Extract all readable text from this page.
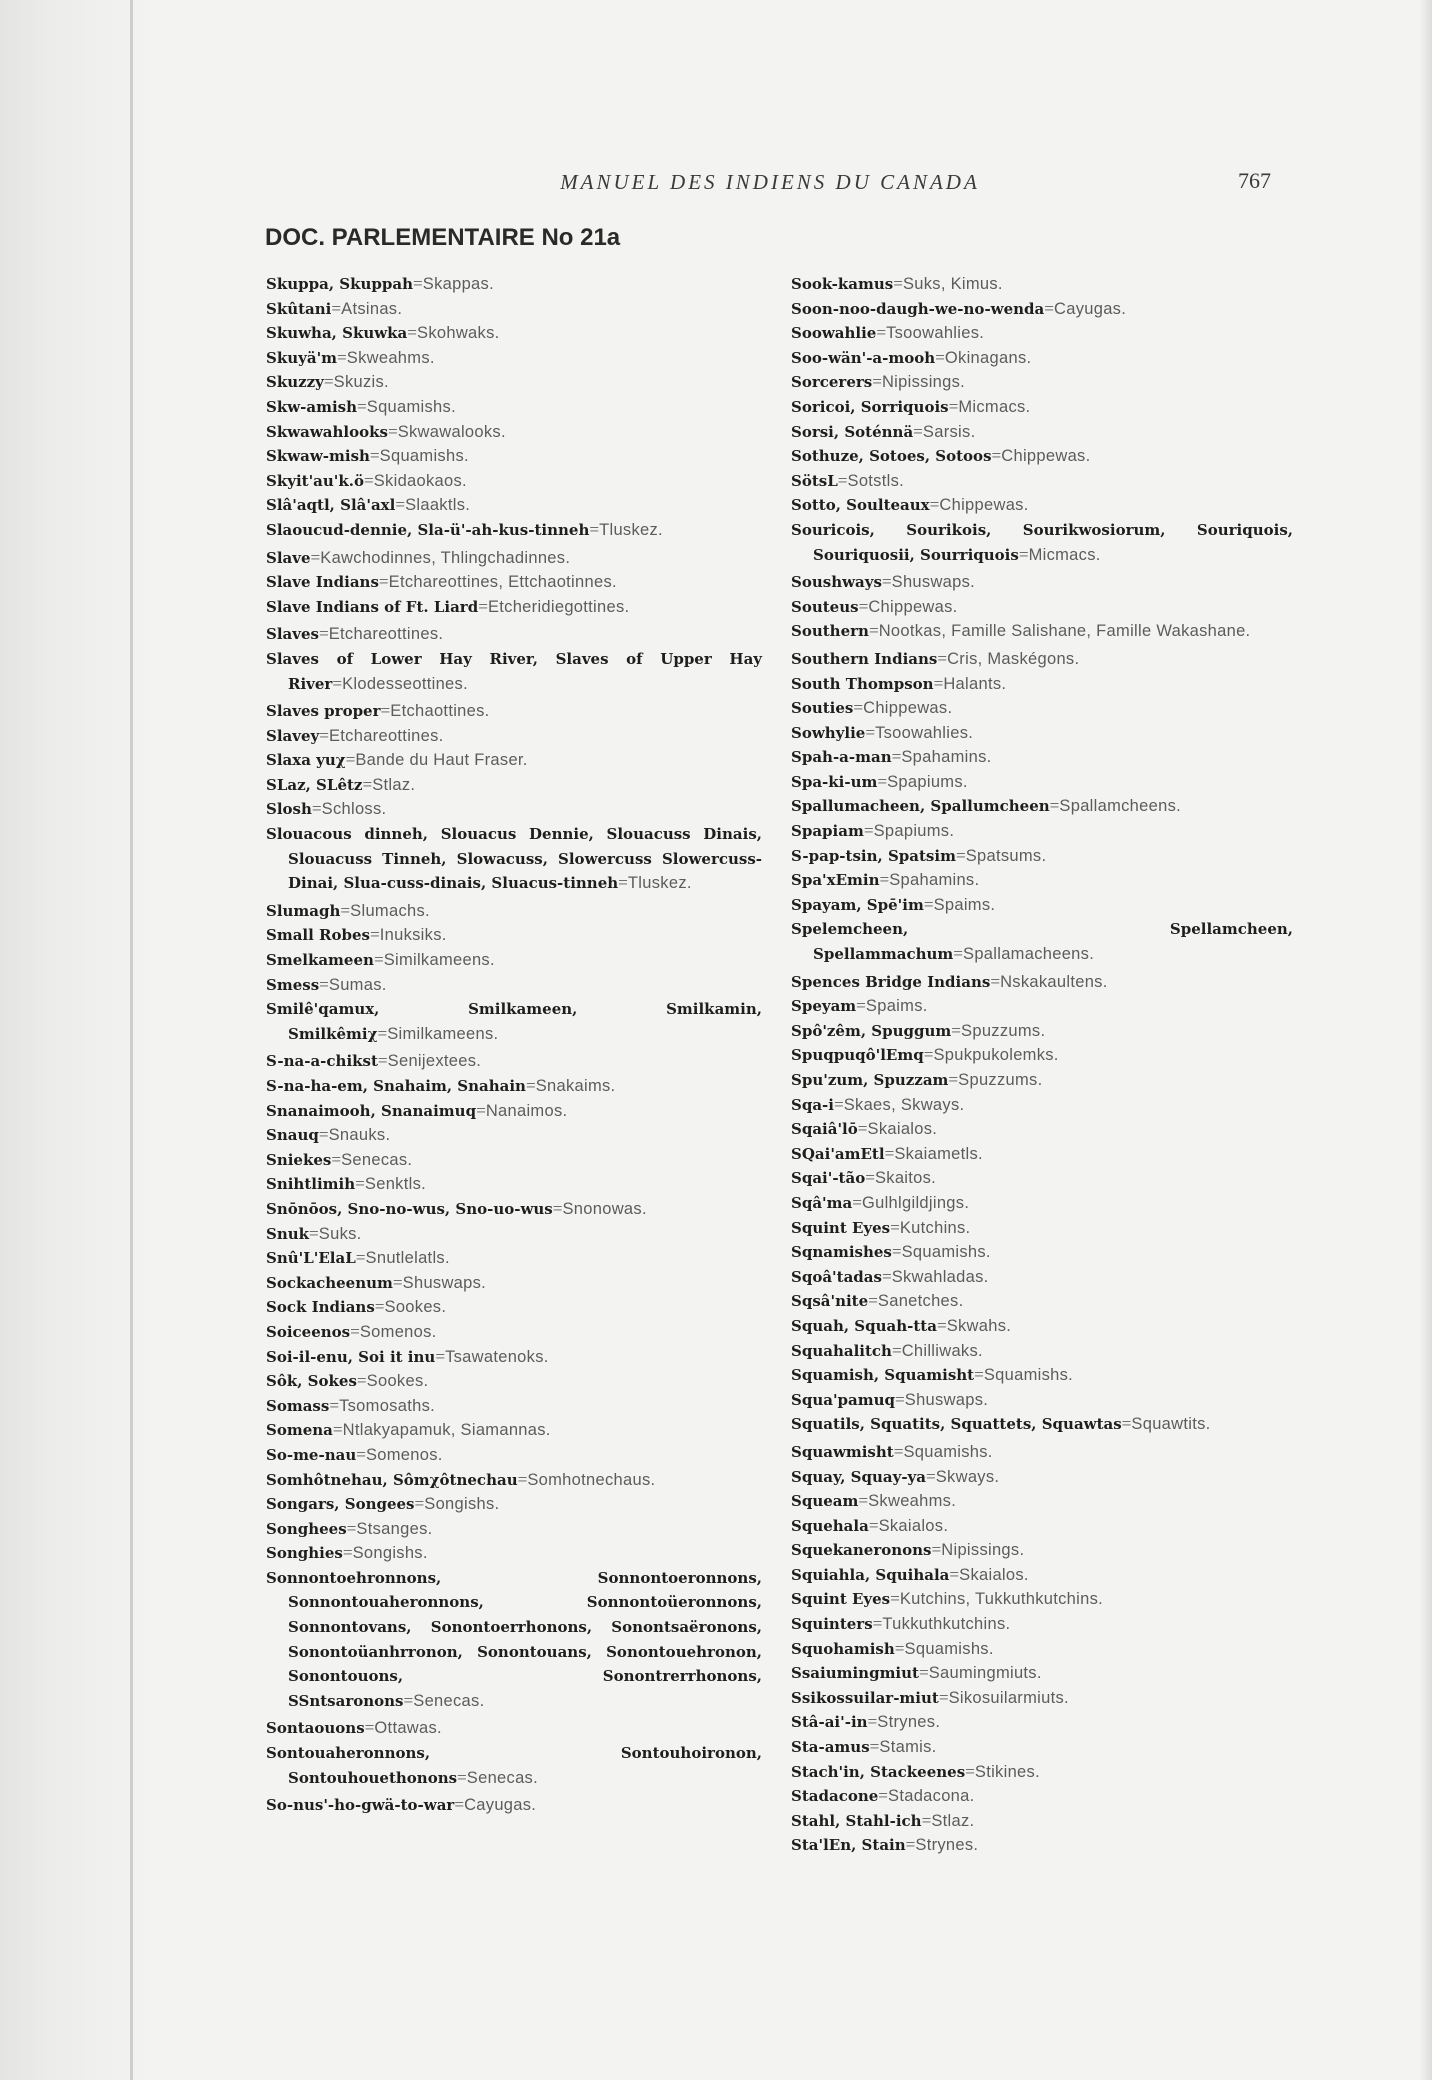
MANUEL DES INDIENS DU CANADA	767
DOC. PARLEMENTAIRE No 21a
Skuppa, Skuppah=Skappas.
Skûtani=Atsinas.
Skuwha, Skuwka=Skohwaks.
Skuyä'm=Skweahms.
Skuzzy=Skuzis.
Skw-amish=Squamishs.
Skwawahlooks=Skwawalooks.
Skwaw-mish=Squamishs.
Skyit'au'k.ö=Skidaokaos.
Slâ'aqtl, Slâ'axl=Slaaktls.
Slaoucud-dennie, Sla-ü'-ah-kus-tinneh=Tluskez.
Slave=Kawchodinnes, Thlingchadinnes.
Slave Indians=Etchareottines, Ettchaotinnes.
Slave Indians of Ft. Liard=Etcheridiegottines.
Slaves=Etchareottines.
Slaves of Lower Hay River, Slaves of Upper Hay River=Klodesseottines.
Slaves proper=Etchaottines.
Slavey=Etchareottines.
Slaxa yuχ=Bande du Haut Fraser.
SLaz, SLêtz=Stlaz.
Slosh=Schloss.
Slouacous dinneh, Slouacus Dennie, Slouacuss Dinais, Slouacuss Tinneh, Slowacuss, Slowercuss Slowercuss-Dinai, Slua-cuss-dinais, Sluacus-tinneh=Tluskez.
Slumagh=Slumachs.
Small Robes=Inuksiks.
Smelkameen=Similkameens.
Smess=Sumas.
Smilê'qamux, Smilkameen, Smilkamin, Smilkêmiχ=Similkameens.
S-na-a-chikst=Senijextees.
S-na-ha-em, Snahaim, Snahain=Snakaims.
Snanaimooh, Snanaimuq=Nanaimos.
Snauq=Snauks.
Sniekes=Senecas.
Snihtlimih=Senktls.
Snōnōos, Sno-no-wus, Sno-uo-wus=Snonowas.
Snuk=Suks.
Snû'L'ElaL=Snutlelatls.
Sockacheenum=Shuswaps.
Sock Indians=Sookes.
Soiceenos=Somenos.
Soi-il-enu, Soi it inu=Tsawatenoks.
Sôk, Sokes=Sookes.
Somass=Tsomosaths.
Somena=Ntlakyapamuk, Siamannas.
So-me-nau=Somenos.
Somhôtnehau, Sômχôtnechau=Somhotnechaus.
Songars, Songees=Songishs.
Songhees=Stsanges.
Songhies=Songishs.
Sonnontoehronnons, Sonnontoeronnons, Sonnontouaheronnons, Sonnontoüeronnons, Sonnontovans, Sonontoerrhonons, Sonontsaëronons, Sonontoüanhrronon, Sonontouans, Sonontouehronon, Sonontouons, Sonontrerrhonons, SSntsaronons=Senecas.
Sontaouons=Ottawas.
Sontouaheronnons, Sontouhoironon, Sontouhouethonons=Senecas.
So-nus'-ho-gwä-to-war=Cayugas.
Sook-kamus=Suks, Kimus.
Soon-noo-daugh-we-no-wenda=Cayugas.
Soowahlie=Tsoowahlies.
Soo-wän'-a-mooh=Okinagans.
Sorcerers=Nipissings.
Soricoi, Sorriquois=Micmacs.
Sorsi, Soténnä=Sarsis.
Sothuze, Sotoes, Sotoos=Chippewas.
SötsL=Sotstls.
Sotto, Soulteaux=Chippewas.
Souricois, Sourikois, Sourikwosiorum, Souriquois, Souriquosii, Sourriquois=Micmacs.
Soushways=Shuswaps.
Souteus=Chippewas.
Southern=Nootkas, Famille Salishane, Famille Wakashane.
Southern Indians=Cris, Maskégons.
South Thompson=Halants.
Souties=Chippewas.
Sowhylie=Tsoowahlies.
Spah-a-man=Spahamins.
Spa-ki-um=Spapiums.
Spallumacheen, Spallumcheen=Spallamcheens.
Spapiam=Spapiums.
S-pap-tsin, Spatsim=Spatsums.
Spa'xEmin=Spahamins.
Spayam, Spē'im=Spaims.
Spelemcheen, Spellamcheen, Spellammachum=Spallamacheens.
Spences Bridge Indians=Nskakaultens.
Speyam=Spaims.
Spô'zêm, Spuggum=Spuzzums.
Spuqpuqô'lEmq=Spukpukolemks.
Spu'zum, Spuzzam=Spuzzums.
Sqa-i=Skaes, Skways.
Sqaiâ'lō=Skaialos.
SQai'amEtl=Skaiametls.
Sqai'-tão=Skaitos.
Sqâ'ma=Gulhlgildjings.
Squint Eyes=Kutchins.
Sqnamishes=Squamishs.
Sqoâ'tadas=Skwahladas.
Sqsâ'nite=Sanetches.
Squah, Squah-tta=Skwahs.
Squahalitch=Chilliwaks.
Squamish, Squamisht=Squamishs.
Squa'pamuq=Shuswaps.
Squatils, Squatits, Squattets, Squawtas=Squawtits.
Squawmisht=Squamishs.
Squay, Squay-ya=Skways.
Squeam=Skweahms.
Squehala=Skaialos.
Squekaneronons=Nipissings.
Squiahla, Squihala=Skaialos.
Squint Eyes=Kutchins, Tukkuthkutchins.
Squinters=Tukkuthkutchins.
Squohamish=Squamishs.
Ssaiumingmiut=Saumingmiuts.
Ssikossuilar-miut=Sikosuilarmiuts.
Stâ-ai'-in=Strynes.
Sta-amus=Stamis.
Stach'in, Stackeenes=Stikines.
Stadacone=Stadacona.
Stahl, Stahl-ich=Stlaz.
Sta'lEn, Stain=Strynes.
